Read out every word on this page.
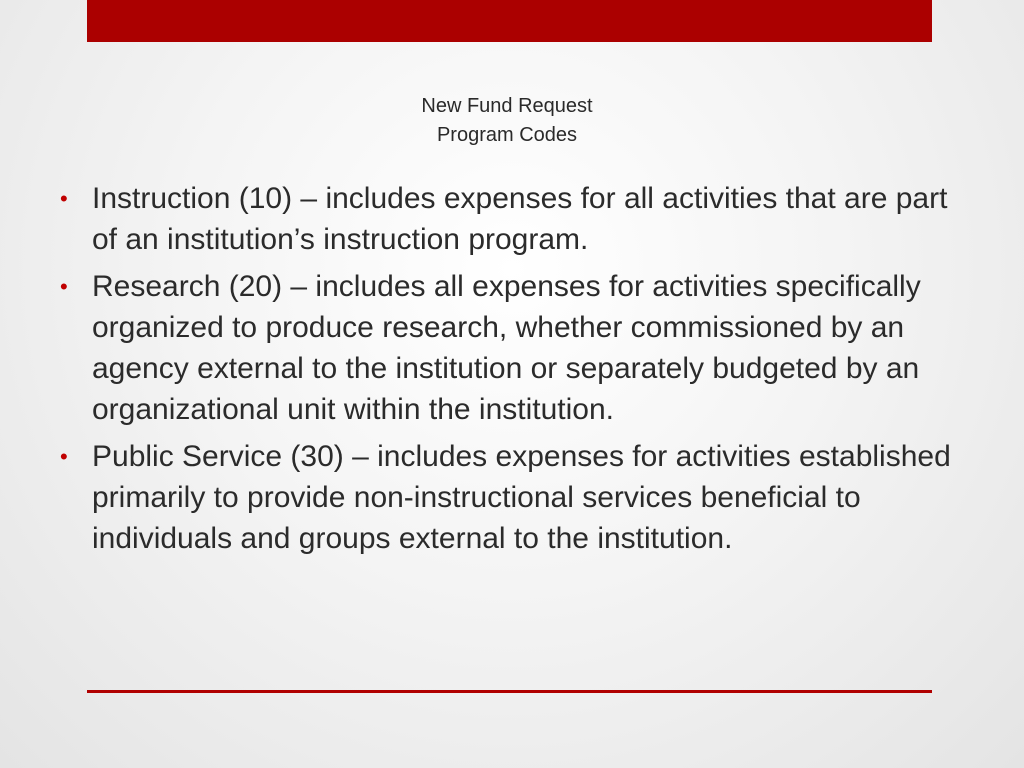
New Fund Request
Program Codes
• Instruction (10) – includes expenses for all activities that are part of an institution’s instruction program.
• Research (20) – includes all expenses for activities specifically organized to produce research, whether commissioned by an agency external to the institution or separately budgeted by an organizational unit within the institution.
• Public Service (30) – includes expenses for activities established primarily to provide non-instructional services beneficial to individuals and groups external to the institution.
